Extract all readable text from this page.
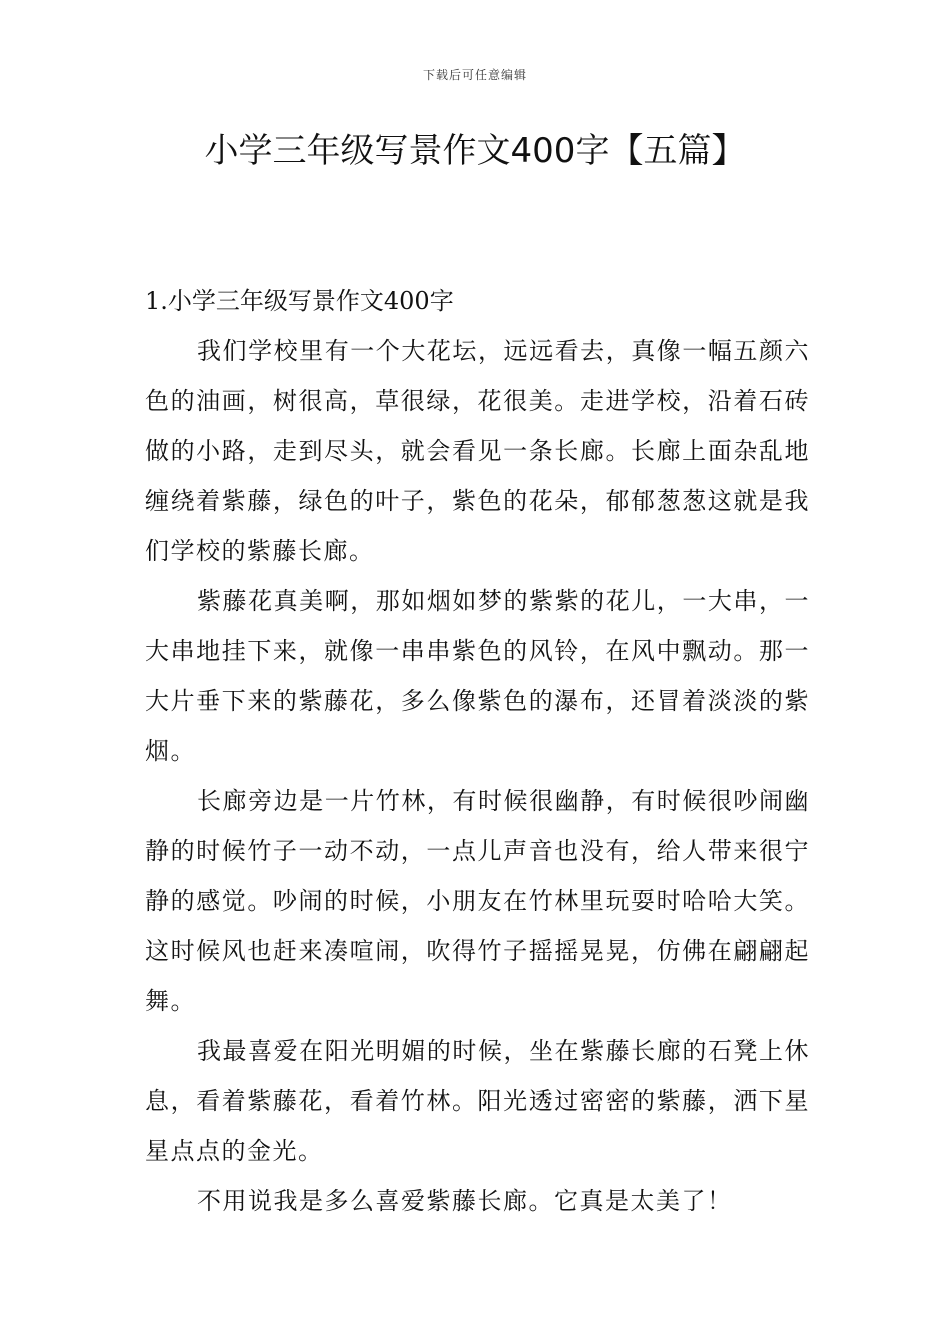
下载后可任意编辑
小学三年级写景作文400字【五篇】

1.小学三年级写景作文400字

我们学校里有一个大花坛，远远看去，真像一幅五颜六色的油画，树很高，草很绿，花很美。走进学校，沿着石砖做的小路，走到尽头，就会看见一条长廊。长廊上面杂乱地缠绕着紫藤，绿色的叶子，紫色的花朵，郁郁葱葱这就是我们学校的紫藤长廊。

紫藤花真美啊，那如烟如梦的紫紫的花儿，一大串，一大串地挂下来，就像一串串紫色的风铃，在风中飘动。那一大片垂下来的紫藤花，多么像紫色的瀑布，还冒着淡淡的紫烟。

长廊旁边是一片竹林，有时候很幽静，有时候很吵闹幽静的时候竹子一动不动，一点儿声音也没有，给人带来很宁静的感觉。吵闹的时候，小朋友在竹林里玩耍时哈哈大笑。这时候风也赶来凑喧闹，吹得竹子摇摇晃晃，仿佛在翩翩起舞。

我最喜爱在阳光明媚的时候，坐在紫藤长廊的石凳上休息，看着紫藤花，看着竹林。阳光透过密密的紫藤，洒下星星点点的金光。

不用说我是多么喜爱紫藤长廊。它真是太美了！
